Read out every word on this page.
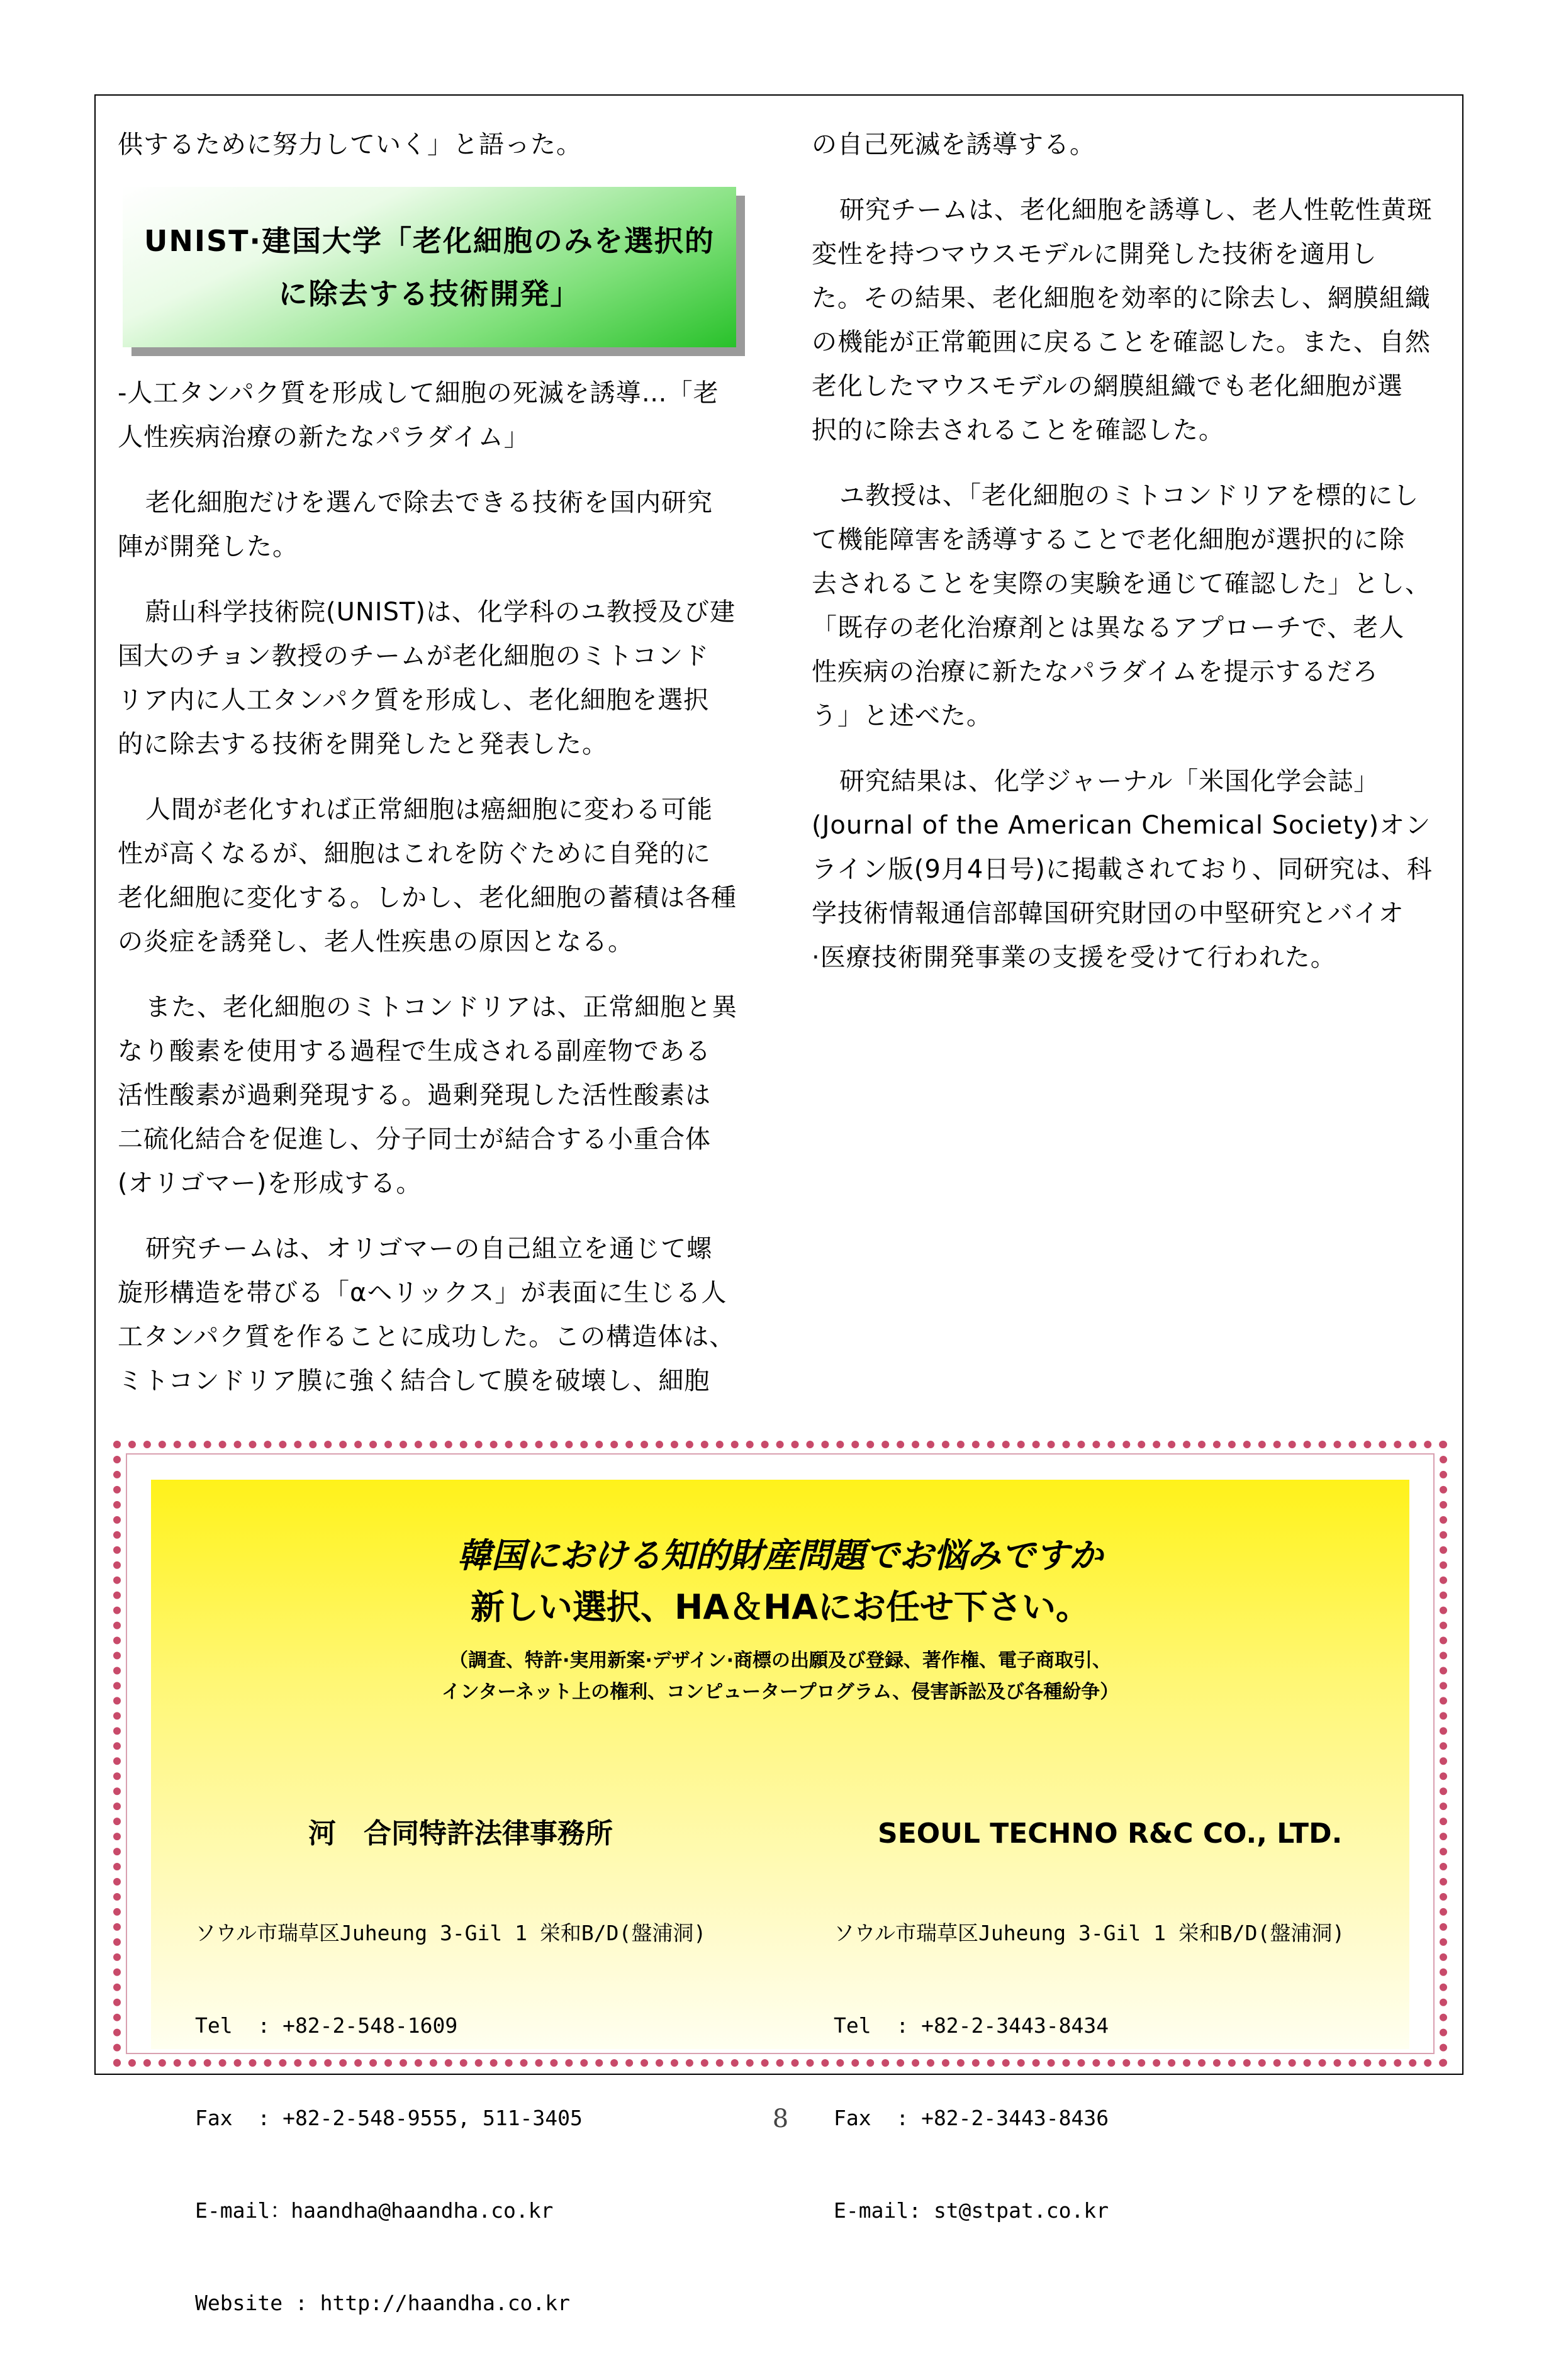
供するために努力していく」と語った。

UNIST·建国大学「老化細胞のみを選択的
に除去する技術開発」

-人工タンパク質を形成して細胞の死滅を誘導…「老

人性疾病治療の新たなパラダイム」

老化細胞だけを選んで除去できる技術を国内研究

陣が開発した。

蔚山科学技術院(UNIST)は、化学科のユ教授及び建

国大のチョン教授のチームが老化細胞のミトコンド

リア内に人工タンパク質を形成し、老化細胞を選択

的に除去する技術を開発したと発表した。

人間が老化すれば正常細胞は癌細胞に変わる可能

性が高くなるが、細胞はこれを防ぐために自発的に

老化細胞に変化する。しかし、老化細胞の蓄積は各種

の炎症を誘発し、老人性疾患の原因となる。

また、老化細胞のミトコンドリアは、正常細胞と異

なり酸素を使用する過程で生成される副産物である

活性酸素が過剰発現する。過剰発現した活性酸素は

二硫化結合を促進し、分子同士が結合する小重合体

(オリゴマー)を形成する。

研究チームは、オリゴマーの自己組立を通じて螺

旋形構造を帯びる「αヘリックス」が表面に生じる人

工タンパク質を作ることに成功した。この構造体は、

ミトコンドリア膜に強く結合して膜を破壊し、細胞

の自己死滅を誘導する。

研究チームは、老化細胞を誘導し、老人性乾性黄斑

変性を持つマウスモデルに開発した技術を適用し

た。その結果、老化細胞を効率的に除去し、網膜組織

の機能が正常範囲に戻ることを確認した。また、自然

老化したマウスモデルの網膜組織でも老化細胞が選

択的に除去されることを確認した。

ユ教授は、「老化細胞のミトコンドリアを標的にし

て機能障害を誘導することで老化細胞が選択的に除

去されることを実際の実験を通じて確認した」とし、

「既存の老化治療剤とは異なるアプローチで、老人

性疾病の治療に新たなパラダイムを提示するだろ

う」と述べた。

研究結果は、化学ジャーナル「米国化学会誌」

(Journal of the American Chemical Society)オン

ライン版(9月4日号)に掲載されており、同研究は、科

学技術情報通信部韓国研究財団の中堅研究とバイオ

·医療技術開発事業の支援を受けて行われた。

韓国における知的財産問題でお悩みですか
新しい選択、HA＆HAにお任せ下さい。
（調査、特許·実用新案·デザイン·商標の出願及び登録、著作権、電子商取引、
インターネット上の権利、コンピュータープログラム、侵害訴訟及び各種紛争）

河　合同特許法律事務所

ソウル市瑞草区Juheung 3-Gil 1 栄和B/D(盤浦洞)

Tel  : +82-2-548-1609

Fax  : +82-2-548-9555, 511-3405

E-mail：haandha@haandha.co.kr

Website : http://haandha.co.kr

SEOUL TECHNO R&C CO., LTD.

ソウル市瑞草区Juheung 3-Gil 1 栄和B/D(盤浦洞)

Tel  : +82-2-3443-8434

Fax  : +82-2-3443-8436

E-mail: st@stpat.co.kr

8
